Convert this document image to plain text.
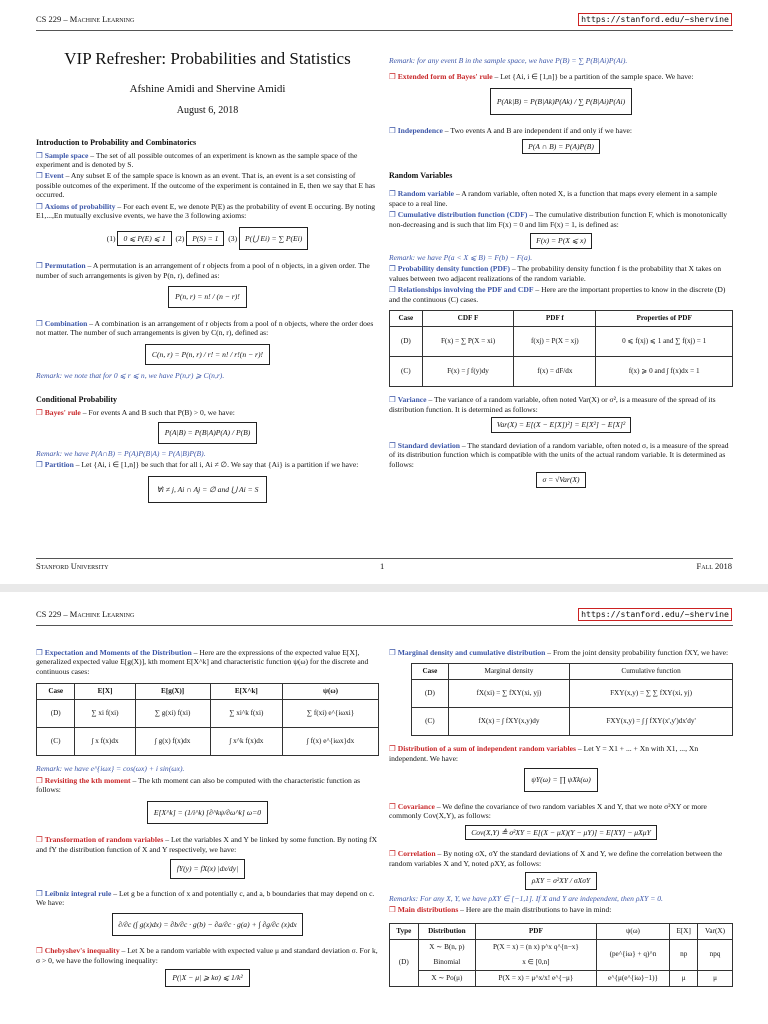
CS 229 – Machine Learning	https://stanford.edu/~shervine
VIP Refresher: Probabilities and Statistics
Afshine Amidi and Shervine Amidi
August 6, 2018
Introduction to Probability and Combinatorics

❒ Sample space – The set of all possible outcomes of an experiment is known as the sample space of the experiment and is denoted by S.

❒ Event – Any subset E of the sample space is known as an event. That is, an event is a set consisting of possible outcomes of the experiment. If the outcome of the experiment is contained in E, then we say that E has occurred.

❒ Axioms of probability – For each event E, we denote P(E) as the probability of event E occuring. By noting E1,...,En mutually exclusive events, we have the 3 following axioms:

(1) 0 ⩽ P(E) ⩽ 1 (2) P(S) = 1 (3) P(⋃ Ei) = ∑ P(Ei)

❒ Permutation – A permutation is an arrangement of r objects from a pool of n objects, in a given order. The number of such arrangements is given by P(n, r), defined as:

P(n, r) = n! / (n − r)!

❒ Combination – A combination is an arrangement of r objects from a pool of n objects, where the order does not matter. The number of such arrangements is given by C(n, r), defined as:

C(n, r) = P(n, r) / r! = n! / r!(n − r)!

Remark: we note that for 0 ⩽ r ⩽ n, we have P(n,r) ⩾ C(n,r).

Conditional Probability

❒ Bayes' rule – For events A and B such that P(B) > 0, we have:

P(A|B) = P(B|A)P(A) / P(B)

Remark: we have P(A∩B) = P(A)P(B|A) = P(A|B)P(B).

❒ Partition – Let {Ai, i ∈ [1,n]} be such that for all i, Ai ≠ ∅. We say that {Ai} is a partition if we have:

∀i ≠ j, Ai ∩ Aj = ∅ and ⋃ Ai = S

Remark: for any event B in the sample space, we have P(B) = ∑ P(B|Ai)P(Ai).

❒ Extended form of Bayes' rule – Let {Ai, i ∈ [1,n]} be a partition of the sample space. We have:

P(Ak|B) = P(B|Ak)P(Ak) / ∑ P(B|Ai)P(Ai)

❒ Independence – Two events A and B are independent if and only if we have:

P(A ∩ B) = P(A)P(B)
Random Variables

❒ Random variable – A random variable, often noted X, is a function that maps every element in a sample space to a real line.

❒ Cumulative distribution function (CDF) – The cumulative distribution function F, which is monotonically non-decreasing and is such that lim F(x) = 0 and lim F(x) = 1, is defined as:

F(x) = P(X ⩽ x)

Remark: we have P(a < X ⩽ B) = F(b) − F(a).

❒ Probability density function (PDF) – The probability density function f is the probability that X takes on values between two adjacent realizations of the random variable.

❒ Relationships involving the PDF and CDF – Here are the important properties to know in the discrete (D) and the continuous (C) cases.

Case	CDF F	PDF f	Properties of PDF
(D)	F(x) = ∑ P(X = xi)	f(xj) = P(X = xj)	0 ⩽ f(xj) ⩽ 1 and ∑ f(xj) = 1
(C)	F(x) = ∫ f(y)dy	f(x) = dF/dx	f(x) ⩾ 0 and ∫ f(x)dx = 1

❒ Variance – The variance of a random variable, often noted Var(X) or σ², is a measure of the spread of its distribution function. It is determined as follows:

Var(X) = E[(X − E[X])²] = E[X²] − E[X]²

❒ Standard deviation – The standard deviation of a random variable, often noted σ, is a measure of the spread of its distribution function which is compatible with the units of the actual random variable. It is determined as follows:

σ = √Var(X)
Stanford University	1	Fall 2018
CS 229 – Machine Learning	https://stanford.edu/~shervine

❒ Expectation and Moments of the Distribution – Here are the expressions of the expected value E[X], generalized expected value E[g(X)], kth moment E[X^k] and characteristic function ψ(ω) for the discrete and continuous cases:

Case	E[X]	E[g(X)]	E[X^k]	ψ(ω)
(D)	∑ xi f(xi)	∑ g(xi) f(xi)	∑ xi^k f(xi)	∑ f(xi) e^{iωxi}
(C)	∫ x f(x)dx	∫ g(x) f(x)dx	∫ x^k f(x)dx	∫ f(x) e^{iωx}dx

Remark: we have e^{iωx} = cos(ωx) + i sin(ωx).

❒ Revisiting the kth moment – The kth moment can also be computed with the characteristic function as follows:

E[X^k] = (1/i^k) [∂^kψ/∂ω^k] ω=0

❒ Transformation of random variables – Let the variables X and Y be linked by some function. By noting fX and fY the distribution function of X and Y respectively, we have:

fY(y) = fX(x) |dx/dy|

❒ Leibniz integral rule – Let g be a function of x and potentially c, and a, b boundaries that may depend on c. We have:

∂/∂c (∫ g(x)dx) = ∂b/∂c · g(b) − ∂a/∂c · g(a) + ∫ ∂g/∂c (x)dx

❒ Chebyshev's inequality – Let X be a random variable with expected value μ and standard deviation σ. For k, σ > 0, we have the following inequality:

P(|X − μ| ⩾ kσ) ⩽ 1/k²

❒ Marginal density and cumulative distribution – From the joint density probability function fXY, we have:

Case	Marginal density	Cumulative function
(D)	fX(xi) = ∑ fXY(xi, yj)	FXY(x,y) = ∑ ∑ fXY(xi, yj)
(C)	fX(x) = ∫ fXY(x,y)dy	FXY(x,y) = ∫ ∫ fXY(x',y')dx'dy'

❒ Distribution of a sum of independent random variables – Let Y = X1 + ... + Xn with X1, ..., Xn independent. We have:

ψY(ω) = ∏ ψXk(ω)

❒ Covariance – We define the covariance of two random variables X and Y, that we note σ²XY or more commonly Cov(X,Y), as follows:

Cov(X,Y) ≜ σ²XY = E[(X − μX)(Y − μY)] = E[XY] − μXμY

❒ Correlation – By noting σX, σY the standard deviations of X and Y, we define the correlation between the random variables X and Y, noted ρXY, as follows:

ρXY = σ²XY / σXσY

Remarks: For any X, Y, we have ρXY ∈ [−1,1]. If X and Y are independent, then ρXY = 0.

❒ Main distributions – Here are the main distributions to have in mind:

Type	Distribution	PDF	ψ(ω)	E[X]	Var(X)
(D)	X ∼ B(n, p)	P(X = x) = (n x) p^x q^{n−x}	(pe^{iω} + q)^n	np	npq
	Binomial	x ∈ [0,n]			
	X ∼ Po(μ)	P(X = x) = μ^x/x! e^{−μ}	e^{μ(e^{iω}−1)}	μ	μ
